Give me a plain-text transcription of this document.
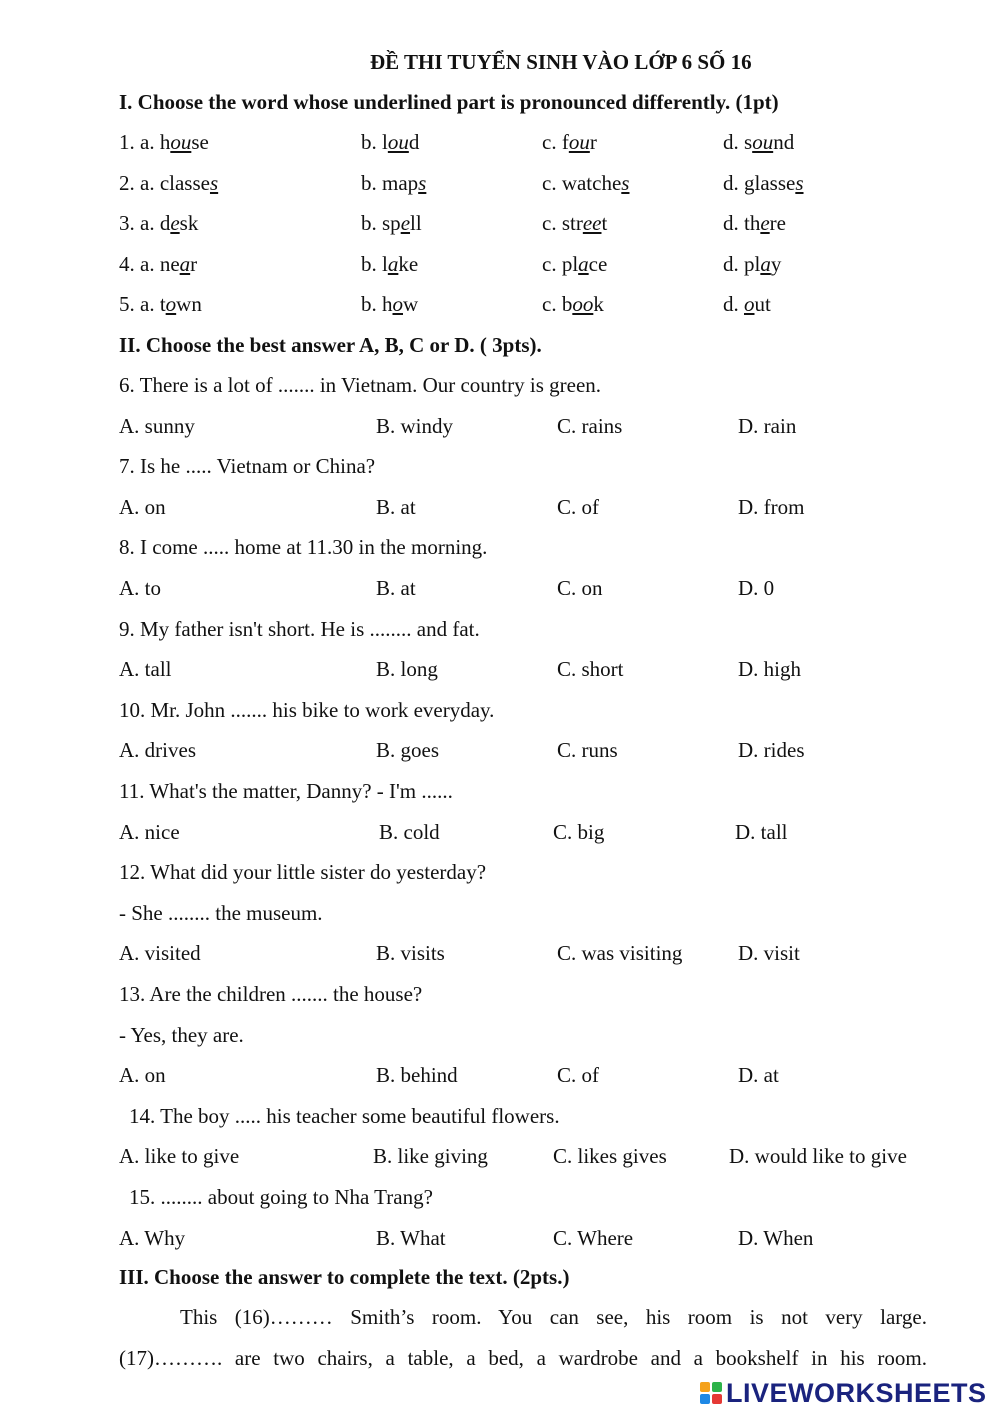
ĐỀ THI TUYỂN SINH VÀO LỚP 6 SỐ 16
I. Choose the word whose underlined part is pronounced differently. (1pt)
1. a. house	b. loud	c. four	d. sound
2. a. classes	b. maps	c. watches	d. glasses
3. a. desk	b. spell	c. street	d. there
4. a. near	b. lake	c. place	d. play
5. a. town	b. how	c. book	d. out
II. Choose the best answer A, B, C or D. ( 3pts).
6. There is a lot of ....... in Vietnam. Our country is green.
A. sunny	B. windy	C. rains	D. rain
7. Is he ..... Vietnam or China?
A. on	B. at	C. of	D. from
8. I come ..... home at 11.30 in the morning.
A. to	B. at	C. on	D. 0
9. My father isn't short. He is ........ and fat.
A. tall	B. long	C. short	D. high
10. Mr. John ....... his bike to work everyday.
A. drives	B. goes	C. runs	D. rides
11. What's the matter, Danny? - I'm ......
A. nice	B. cold	C. big	D. tall
12. What did your little sister do yesterday?
- She ........ the museum.
A. visited	B. visits	C. was visiting	D. visit
13. Are the children ....... the house?
- Yes, they are.
A. on	B. behind	C. of	D. at
14. The boy ..... his teacher some beautiful flowers.
A. like to give	B. like giving	C. likes gives	D. would like to give
15. ........ about going to Nha Trang?
A. Why	B. What	C. Where	D. When
III. Choose the answer to complete the text. (2pts.)
This (16)……… Smith’s room. You can see, his room is not very large.
(17)………. are two chairs, a table, a bed, a wardrobe and a bookshelf in his room.
LIVEWORKSHEETS
